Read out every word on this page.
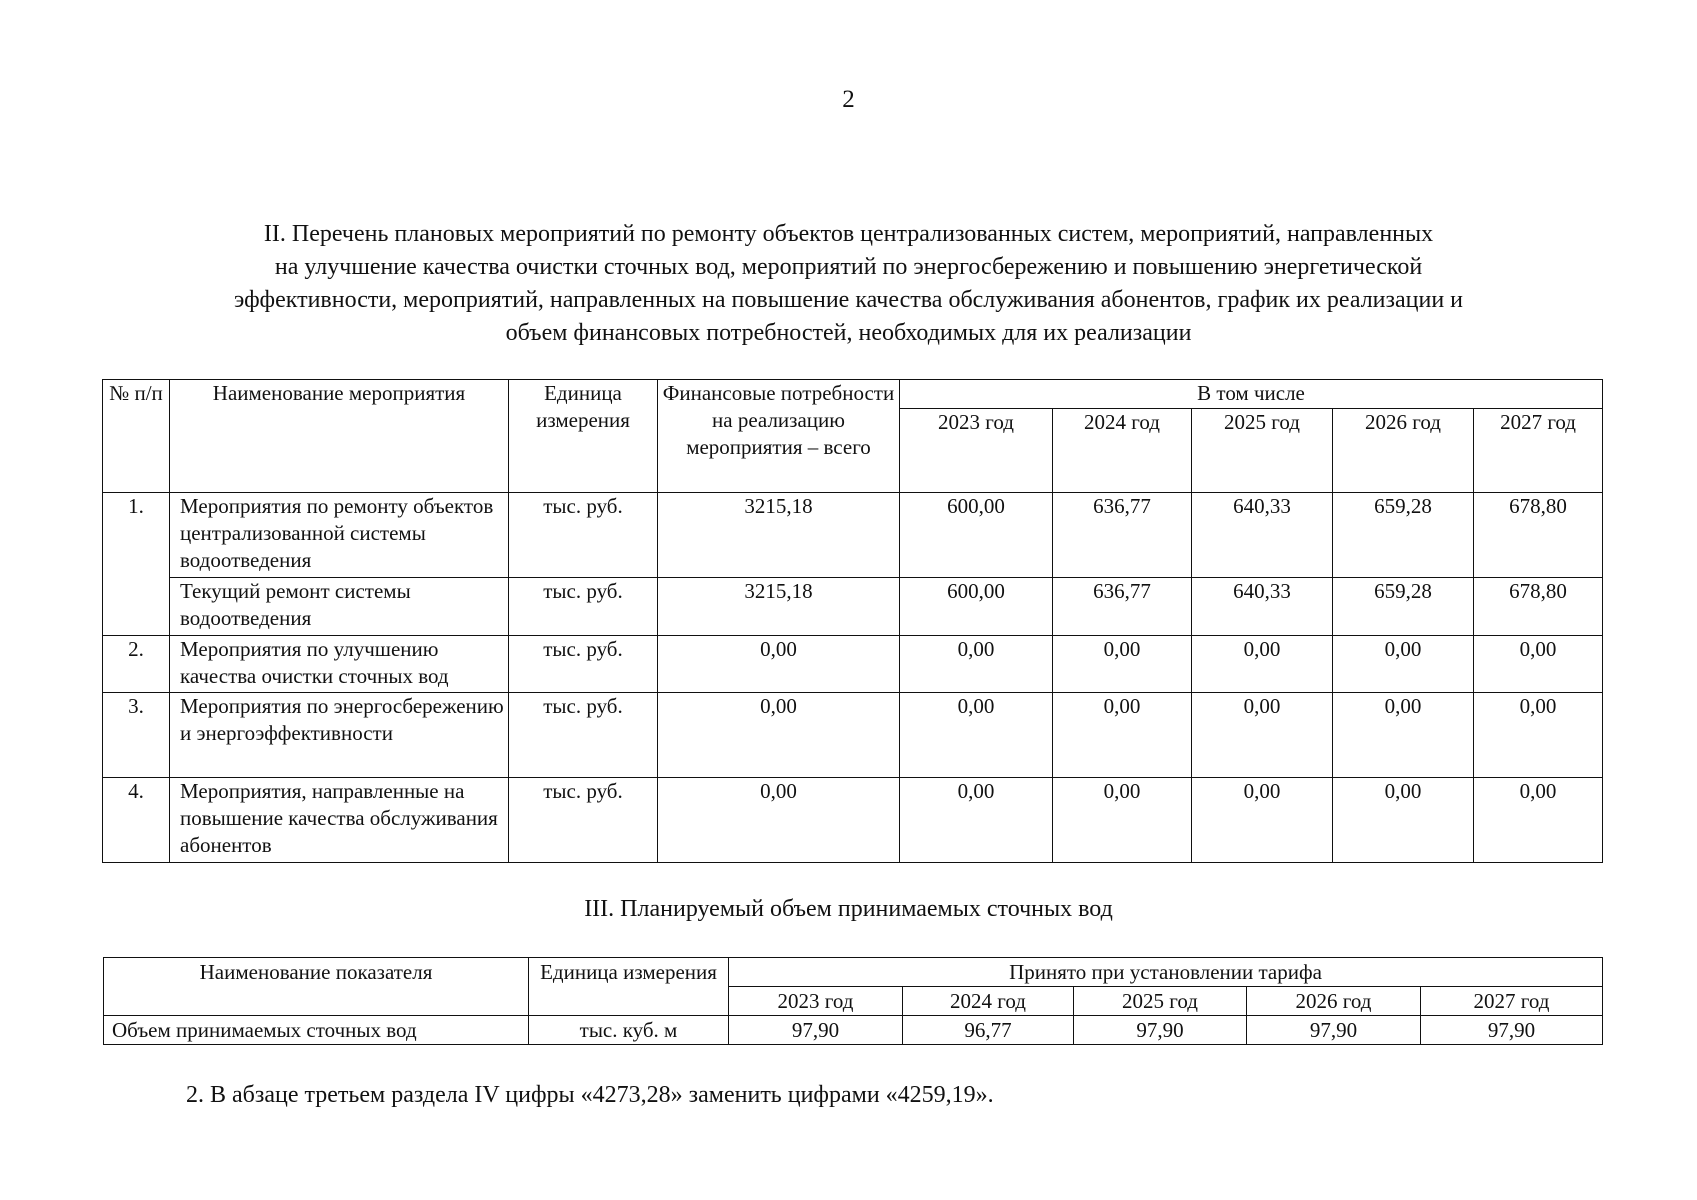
2
II. Перечень плановых мероприятий по ремонту объектов централизованных систем, мероприятий, направленных
на улучшение качества очистки сточных вод, мероприятий по энергосбережению и повышению энергетической
эффективности, мероприятий, направленных на повышение качества обслуживания абонентов, график их реализации и
объем финансовых потребностей, необходимых для их реализации
№ п/п	Наименование мероприятия	Единица измерения	Финансовые потребности на реализацию мероприятия – всего	В том числе				
				2023 год	2024 год	2025 год	2026 год	2027 год
1.	Мероприятия по ремонту объектов централизованной системы водоотведения	тыс. руб.	3215,18	600,00	636,77	640,33	659,28	678,80
	Текущий ремонт системы водоотведения	тыс. руб.	3215,18	600,00	636,77	640,33	659,28	678,80
2.	Мероприятия по улучшению качества очистки сточных вод	тыс. руб.	0,00	0,00	0,00	0,00	0,00	0,00
3.	Мероприятия по энергосбережению и энергоэффективности	тыс. руб.	0,00	0,00	0,00	0,00	0,00	0,00
4.	Мероприятия, направленные на повышение качества обслуживания абонентов	тыс. руб.	0,00	0,00	0,00	0,00	0,00	0,00
III. Планируемый объем принимаемых сточных вод
Наименование показателя	Единица измерения	Принято при установлении тарифа				
		2023 год	2024 год	2025 год	2026 год	2027 год
Объем принимаемых сточных вод	тыс. куб. м	97,90	96,77	97,90	97,90	97,90
2. В абзаце третьем раздела IV цифры «4273,28» заменить цифрами «4259,19».
